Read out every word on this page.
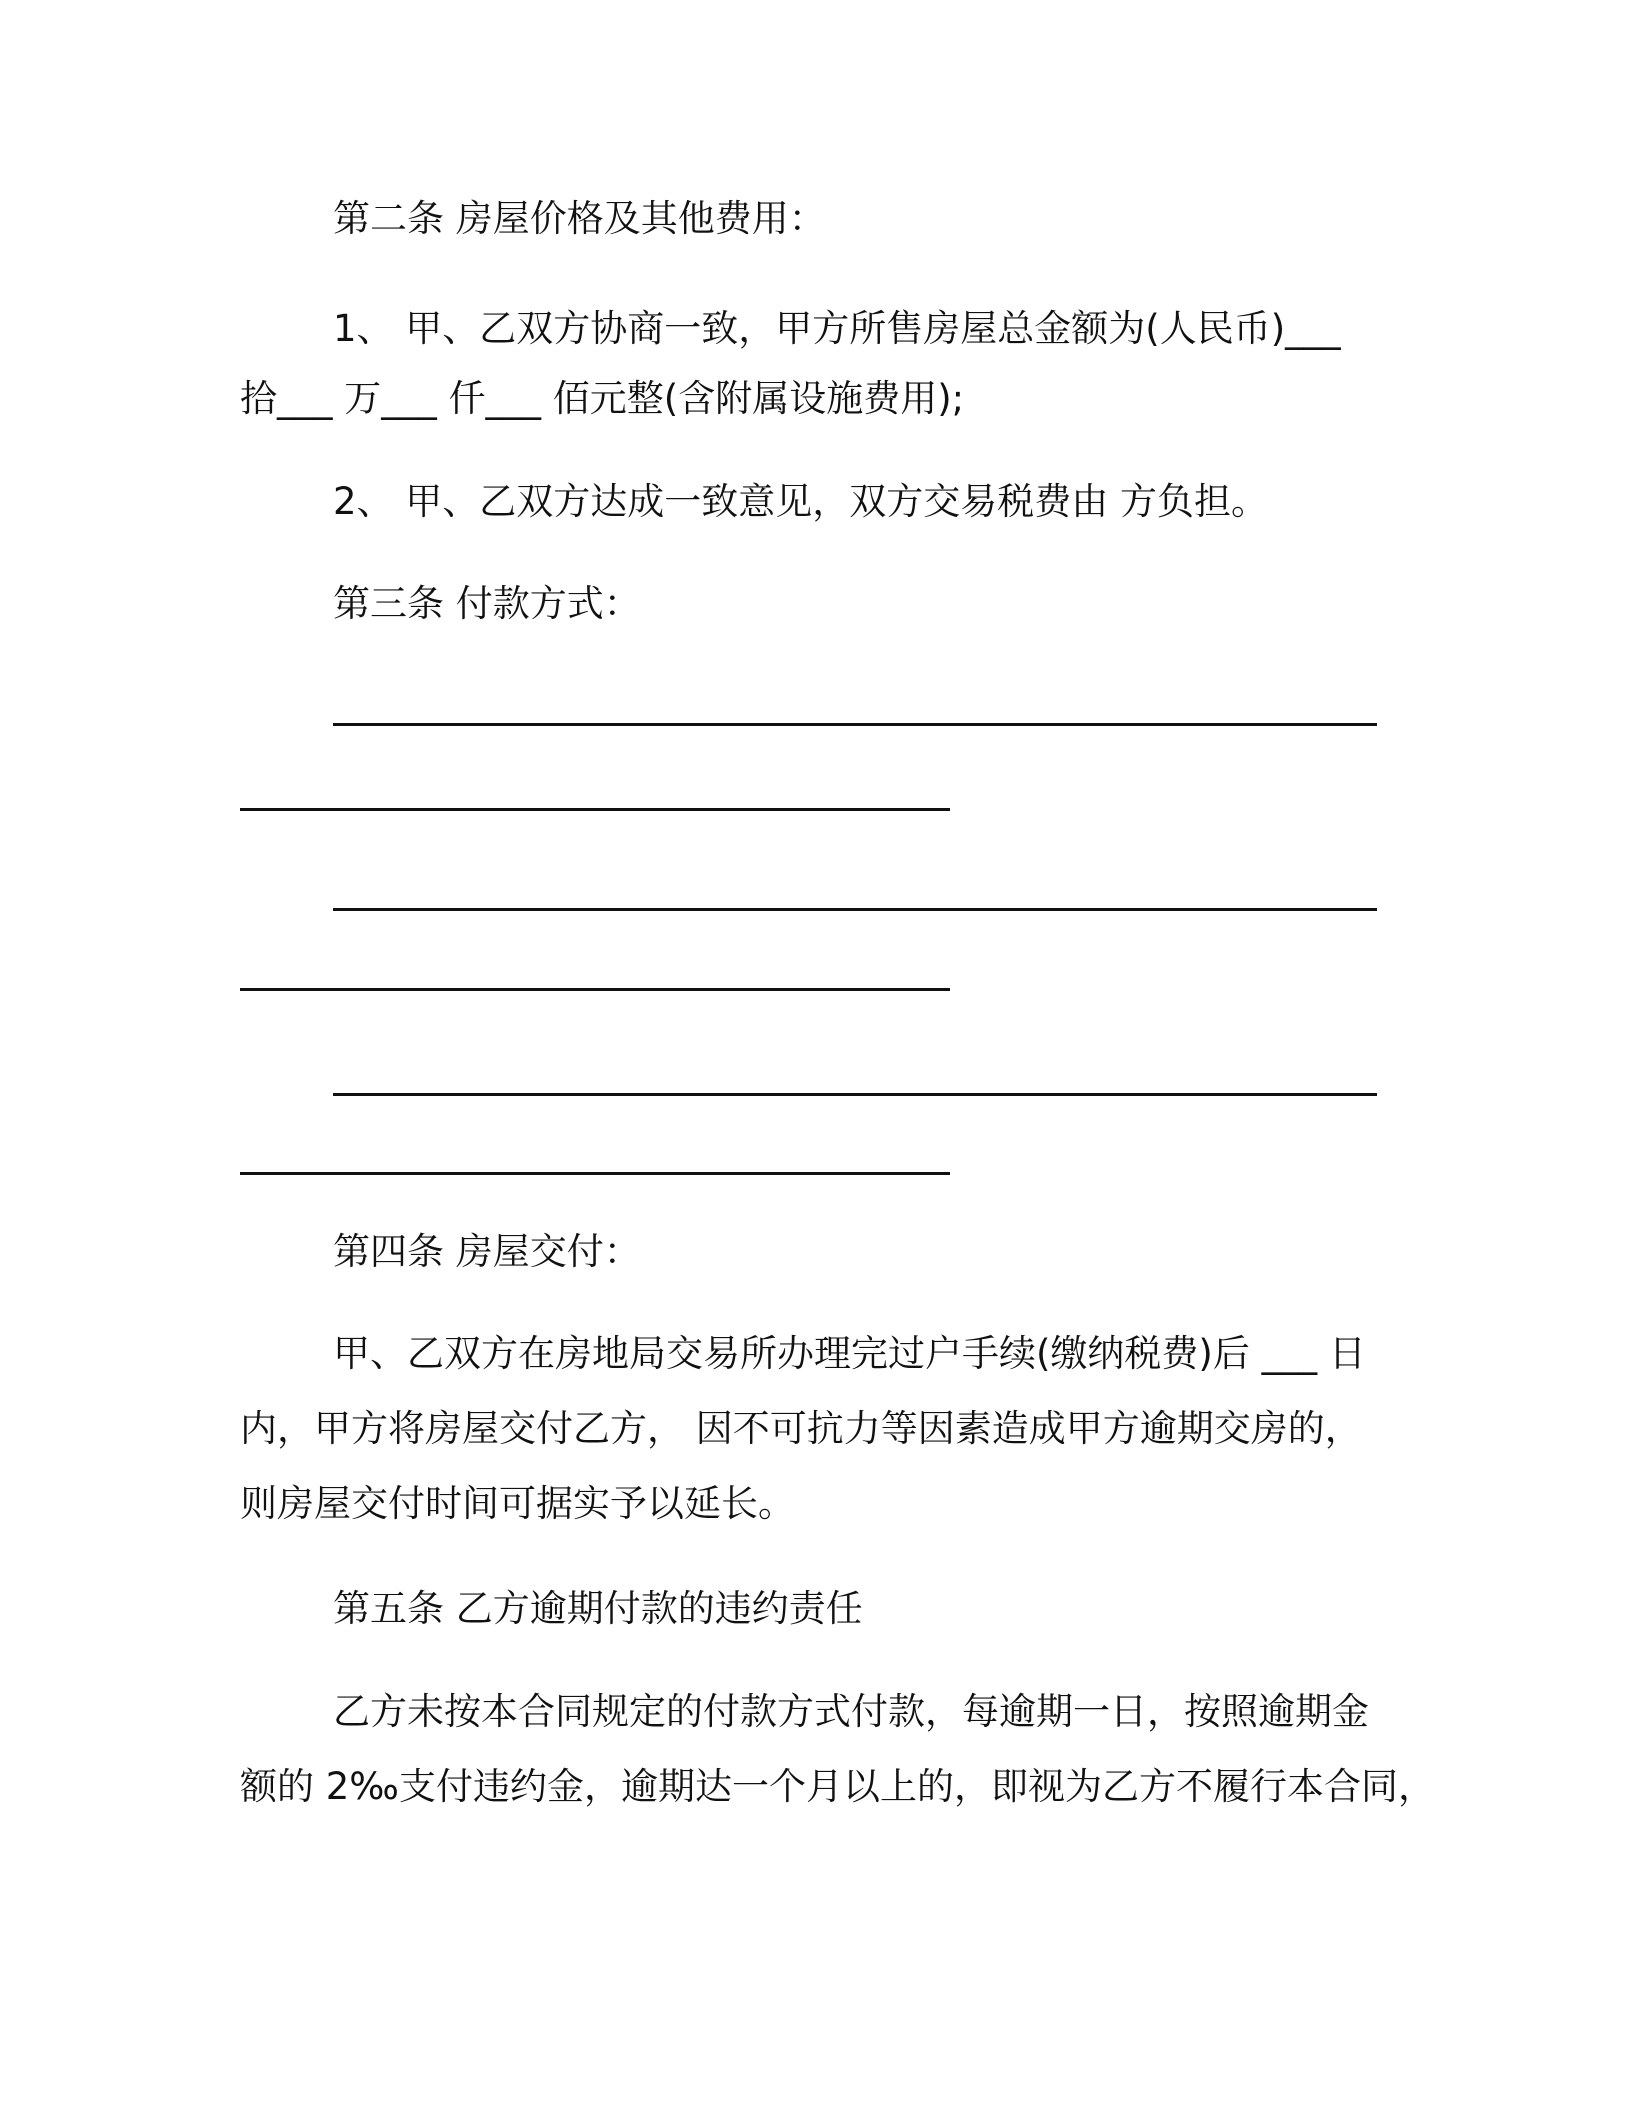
第二条 房屋价格及其他费用：
1、 甲、乙双方协商一致，甲方所售房屋总金额为(人民币)___
拾___ 万___ 仟___ 佰元整(含附属设施费用);
2、 甲、乙双方达成一致意见，双方交易税费由 方负担。
第三条 付款方式：
第四条 房屋交付：
甲、乙双方在房地局交易所办理完过户手续(缴纳税费)后 ___ 日
内，甲方将房屋交付乙方， 因不可抗力等因素造成甲方逾期交房的，
则房屋交付时间可据实予以延长。
第五条 乙方逾期付款的违约责任
乙方未按本合同规定的付款方式付款，每逾期一日，按照逾期金
额的 2‰支付违约金，逾期达一个月以上的，即视为乙方不履行本合同，
